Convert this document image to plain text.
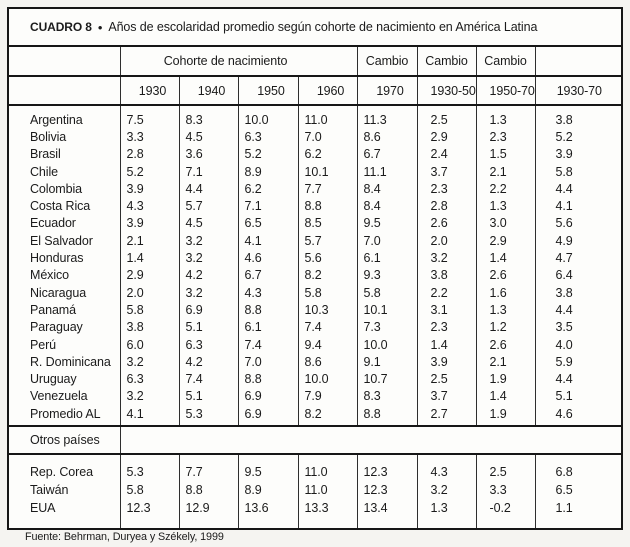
CUADRO 8 • Años de escolaridad promedio según cohorte de nacimiento en América Latina
	Cohorte de nacimiento				Cambio	Cambio	Cambio	
	1930	1940	1950	1960	1970	1930-50	1950-70	1930-70
Argentina	7.5	8.3	10.0	11.0	11.3	2.5	1.3	3.8
Bolivia	3.3	4.5	6.3	7.0	8.6	2.9	2.3	5.2
Brasil	2.8	3.6	5.2	6.2	6.7	2.4	1.5	3.9
Chile	5.2	7.1	8.9	10.1	11.1	3.7	2.1	5.8
Colombia	3.9	4.4	6.2	7.7	8.4	2.3	2.2	4.4
Costa Rica	4.3	5.7	7.1	8.8	8.4	2.8	1.3	4.1
Ecuador	3.9	4.5	6.5	8.5	9.5	2.6	3.0	5.6
El Salvador	2.1	3.2	4.1	5.7	7.0	2.0	2.9	4.9
Honduras	1.4	3.2	4.6	5.6	6.1	3.2	1.4	4.7
México	2.9	4.2	6.7	8.2	9.3	3.8	2.6	6.4
Nicaragua	2.0	3.2	4.3	5.8	5.8	2.2	1.6	3.8
Panamá	5.8	6.9	8.8	10.3	10.1	3.1	1.3	4.4
Paraguay	3.8	5.1	6.1	7.4	7.3	2.3	1.2	3.5
Perú	6.0	6.3	7.4	9.4	10.0	1.4	2.6	4.0
R. Dominicana	3.2	4.2	7.0	8.6	9.1	3.9	2.1	5.9
Uruguay	6.3	7.4	8.8	10.0	10.7	2.5	1.9	4.4
Venezuela	3.2	5.1	6.9	7.9	8.3	3.7	1.4	5.1
Promedio AL	4.1	5.3	6.9	8.2	8.8	2.7	1.9	4.6
Otros países								
Rep. Corea	5.3	7.7	9.5	11.0	12.3	4.3	2.5	6.8
Taiwán	5.8	8.8	8.9	11.0	12.3	3.2	3.3	6.5
EUA	12.3	12.9	13.6	13.3	13.4	1.3	-0.2	1.1
Fuente: Behrman, Duryea y Székely, 1999
